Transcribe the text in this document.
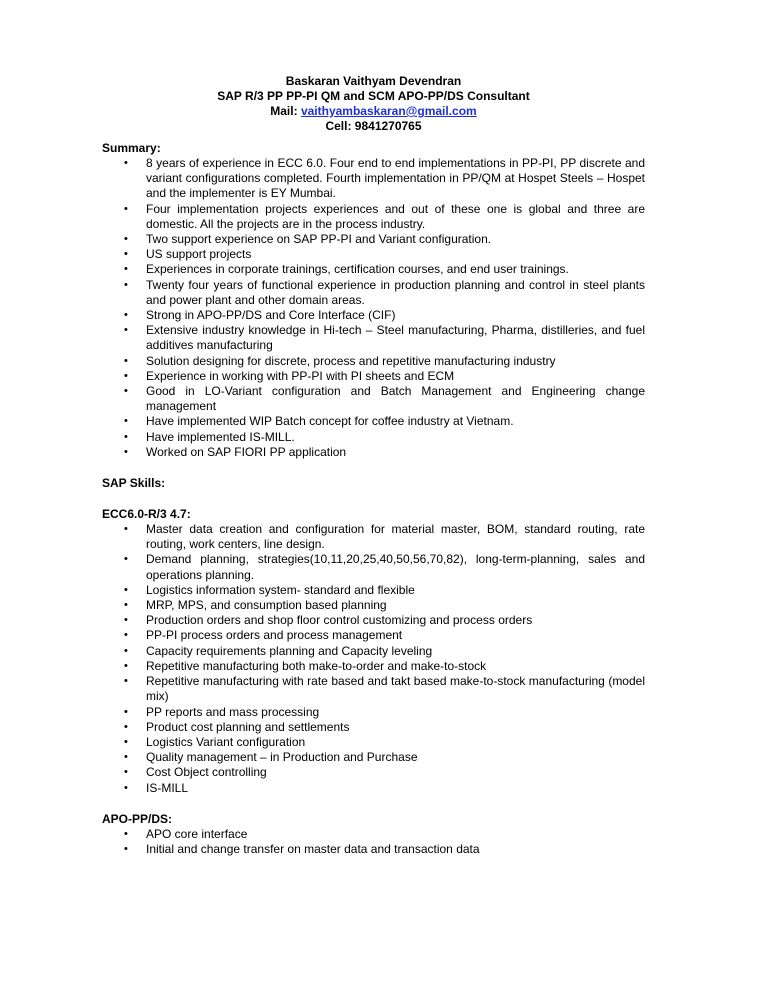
Baskaran Vaithyam Devendran
SAP R/3 PP PP-PI QM and SCM APO-PP/DS Consultant
Mail: vaithyambaskaran@gmail.com
Cell: 9841270765
Summary:
• 8 years of experience in ECC 6.0. Four end to end implementations in PP-PI, PP discrete and variant configurations completed. Fourth implementation in PP/QM at Hospet Steels – Hospet and the implementer is EY Mumbai.
• Four implementation projects experiences and out of these one is global and three are domestic. All the projects are in the process industry.
• Two support experience on SAP PP-PI and Variant configuration.
• US support projects
• Experiences in corporate trainings, certification courses, and end user trainings.
• Twenty four years of functional experience in production planning and control in steel plants and power plant and other domain areas.
• Strong in APO-PP/DS and Core Interface (CIF)
• Extensive industry knowledge in Hi-tech – Steel manufacturing, Pharma, distilleries, and fuel additives manufacturing
• Solution designing for discrete, process and repetitive manufacturing industry
• Experience in working with PP-PI with PI sheets and ECM
• Good in LO-Variant configuration and Batch Management and Engineering change management
• Have implemented WIP Batch concept for coffee industry at Vietnam.
• Have implemented IS-MILL.
• Worked on SAP FIORI PP application
SAP Skills:
ECC6.0-R/3 4.7:
• Master data creation and configuration for material master, BOM, standard routing, rate routing, work centers, line design.
• Demand planning, strategies(10,11,20,25,40,50,56,70,82), long-term-planning, sales and operations planning.
• Logistics information system- standard and flexible
• MRP, MPS, and consumption based planning
• Production orders and shop floor control customizing and process orders
• PP-PI process orders and process management
• Capacity requirements planning and Capacity leveling
• Repetitive manufacturing both make-to-order and make-to-stock
• Repetitive manufacturing with rate based and takt based make-to-stock manufacturing (model mix)
• PP reports and mass processing
• Product cost planning and settlements
• Logistics Variant configuration
• Quality management – in Production and Purchase
• Cost Object controlling
• IS-MILL
APO-PP/DS:
• APO core interface
• Initial and change transfer on master data and transaction data
